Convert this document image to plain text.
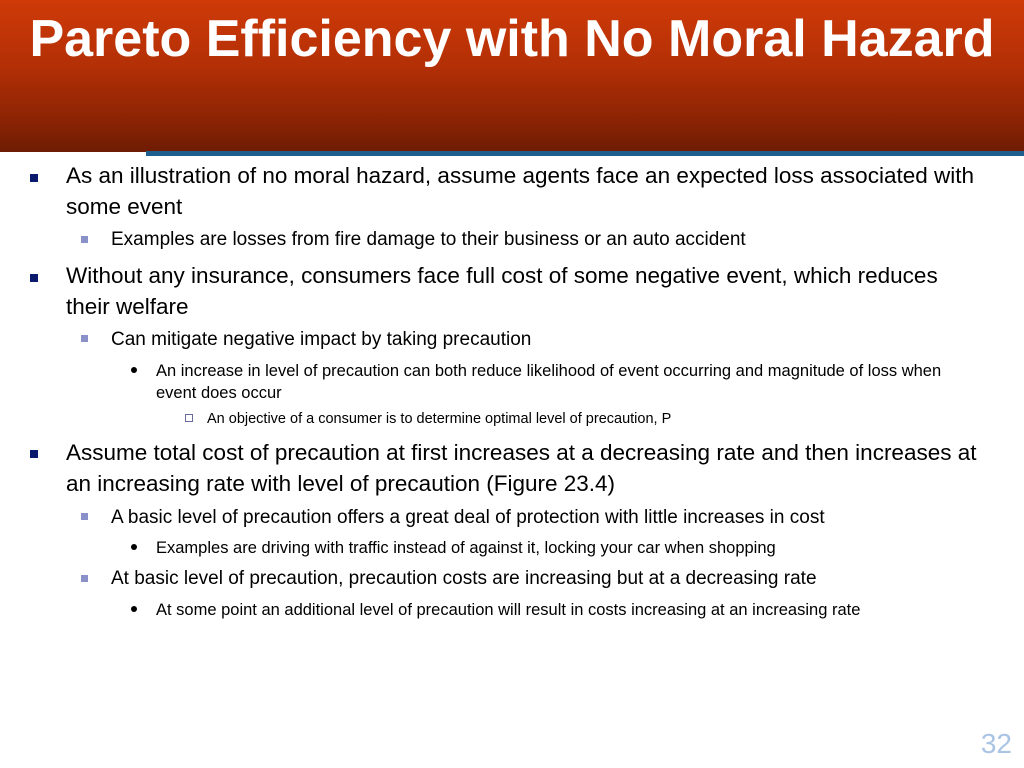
Pareto Efficiency with No Moral Hazard

As an illustration of no moral hazard, assume agents face an expected loss associated with some event

Examples are losses from fire damage to their business or an auto accident

Without any insurance, consumers face full cost of some negative event, which reduces their welfare

Can mitigate negative impact by taking precaution

An increase in level of precaution can both reduce likelihood of event occurring and magnitude of loss when event does occur

An objective of a consumer is to determine optimal level of precaution, P

Assume total cost of precaution at first increases at a decreasing rate and then increases at an increasing rate with level of precaution (Figure 23.4)

A basic level of precaution offers a great deal of protection with little increases in cost

Examples are driving with traffic instead of against it, locking your car when shopping

At basic level of precaution, precaution costs are increasing but at a decreasing rate

At some point an additional level of precaution will result in costs increasing at an increasing rate

32
